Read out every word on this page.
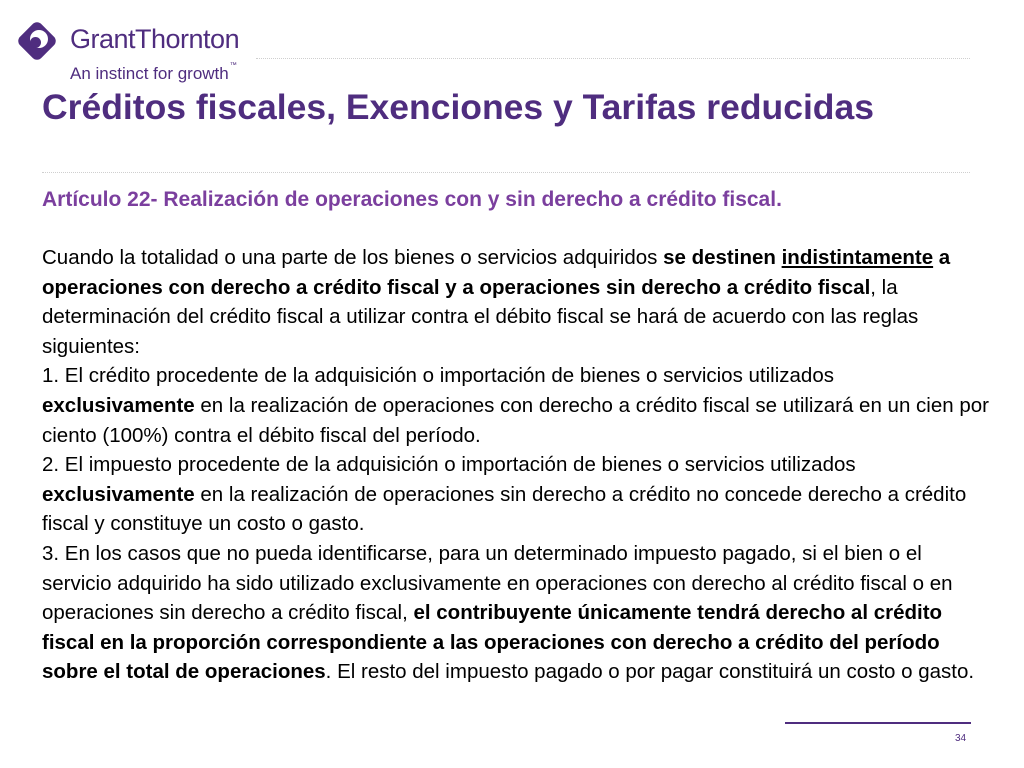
GrantThornton
An instinct for growth™
Créditos fiscales, Exenciones y Tarifas reducidas
Artículo 22- Realización de operaciones con y sin derecho a crédito fiscal.

Cuando la totalidad o una parte de los bienes o servicios adquiridos se destinen indistintamente a operaciones con derecho a crédito fiscal y a operaciones sin derecho a crédito fiscal, la determinación del crédito fiscal a utilizar contra el débito fiscal se hará de acuerdo con las reglas siguientes:

1. El crédito procedente de la adquisición o importación de bienes o servicios utilizados exclusivamente en la realización de operaciones con derecho a crédito fiscal se utilizará en un cien por ciento (100%) contra el débito fiscal del período.

2. El impuesto procedente de la adquisición o importación de bienes o servicios utilizados exclusivamente en la realización de operaciones sin derecho a crédito no concede derecho a crédito fiscal y constituye un costo o gasto.

3. En los casos que no pueda identificarse, para un determinado impuesto pagado, si el bien o el servicio adquirido ha sido utilizado exclusivamente en operaciones con derecho al crédito fiscal o en operaciones sin derecho a crédito fiscal, el contribuyente únicamente tendrá derecho al crédito fiscal en la proporción correspondiente a las operaciones con derecho a crédito del período sobre el total de operaciones. El resto del impuesto pagado o por pagar constituirá un costo o gasto.

34
